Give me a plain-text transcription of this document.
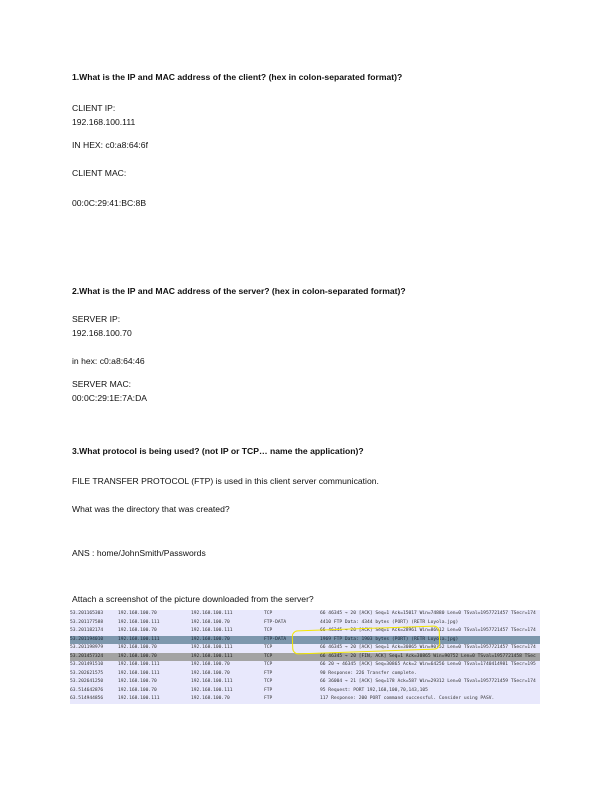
1.What is the IP and MAC address of the client? (hex in colon-separated format)?
CLIENT IP:
192.168.100.111
IN HEX: c0:a8:64:6f
CLIENT MAC:
00:0C:29:41:BC:8B
2.What is the IP and MAC address of the server? (hex in colon-separated format)?
SERVER IP:
192.168.100.70
in hex: c0:a8:64:46
SERVER MAC:
00:0C:29:1E:7A:DA
3.What protocol is being used? (not IP or TCP… name the application)?
FILE TRANSFER PROTOCOL (FTP) is used in this client server communication.
What was the directory that was created?
ANS : home/JohnSmith/Passwords
Attach a screenshot of the picture downloaded from the server?
63.514944856	192.168.100.111	192.168.100.70	FTP	117 Response: 200 PORT command successful. Consider using PASV.
63.514642876	192.168.100.70	192.168.100.111	FTP	95 Request: PORT 192,168,100,70,143,105
53.202641250	192.168.100.70	192.168.100.111	TCP	66 36004 → 21 [ACK] Seq=178 Ack=587 Win=29312 Len=0 TSval=1957721459 TSecr=174
53.202621575	192.168.100.111	192.168.100.70	FTP	90 Response: 226 Transfer complete.
53.201491510	192.168.100.111	192.168.100.70	TCP	66 20 → 46345 [ACK] Seq=30865 Ack=2 Win=64256 Len=0 TSval=1740414981 TSecr=195
53.201457324	192.168.100.70	192.168.100.111	TCP	66 46345 → 20 [FIN, ACK] Seq=1 Ack=30865 Win=90752 Len=0 TSval=1957721458 TSec
53.201198979	192.168.100.70	192.168.100.111	TCP	66 46345 → 20 [ACK] Seq=1 Ack=30865 Win=90752 Len=0 TSval=1957721457 TSecr=174
53.201194010	192.168.100.111	192.168.100.70	FTP-DATA	1969 FTP Data: 1903 bytes (PORT) (RETR Loyola.jpg)
53.201182174	192.168.100.70	192.168.100.111	TCP	66 46345 → 20 [ACK] Seq=1 Ack=28961 Win=86912 Len=0 TSval=1957721457 TSecr=174
53.201177588	192.168.100.111	192.168.100.70	FTP-DATA	4410 FTP Data: 4344 bytes (PORT) (RETR Loyola.jpg)
53.201165303	192.168.100.70	192.168.100.111	TCP	66 46345 → 20 [ACK] Seq=1 Ack=15017 Win=74880 Len=0 TSval=1957721457 TSecr=174
